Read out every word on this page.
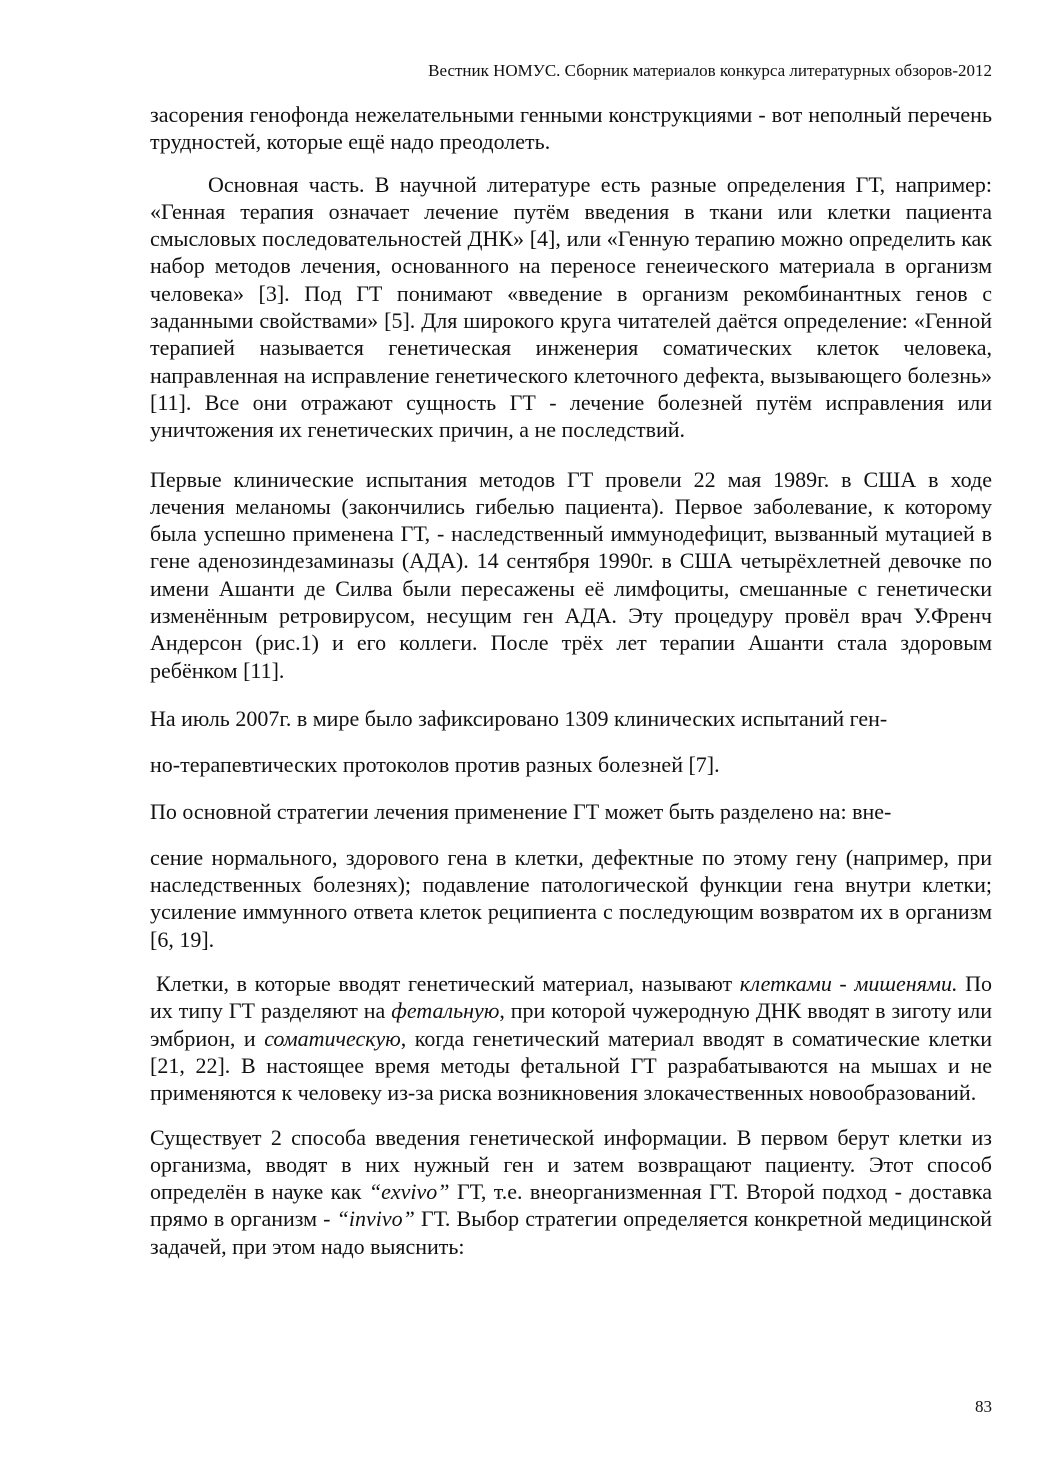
Вестник НОМУС. Сборник материалов конкурса литературных обзоров-2012

засорения генофонда нежелательными генными конструкциями - вот неполный перечень трудностей, которые ещё надо преодолеть.

Основная часть. В научной литературе есть разные определения ГТ, например: «Генная терапия означает лечение путём введения в ткани или клетки пациента смысловых последовательностей ДНК» [4], или «Генную терапию можно определить как набор методов лечения, основанного на переносе генеического материала в организм человека» [3]. Под ГТ понимают «введение в организм рекомбинантных генов с заданными свойствами» [5]. Для широкого круга читателей даётся определение: «Генной терапией называется генетическая инженерия соматических клеток человека, направленная на исправление генетического клеточного дефекта, вызывающего болезнь» [11]. Все они отражают сущность ГТ - лечение болезней путём исправления или уничтожения их генетических причин, а не последствий.

Первые клинические испытания методов ГТ провели 22 мая 1989г. в США в ходе лечения меланомы (закончились гибелью пациента). Первое заболевание, к которому была успешно применена ГТ, - наследственный иммунодефицит, вызванный мутацией в гене аденозиндезаминазы (АДА). 14 сентября 1990г. в США четырёхлетней девочке по имени Ашанти де Силва были пересажены её лимфоциты, смешанные с генетически изменённым ретровирусом, несущим ген АДА. Эту процедуру провёл врач У.Френч Андерсон (рис.1) и его коллеги. После трёх лет терапии Ашанти стала здоровым ребёнком [11].

На июль 2007г. в мире было зафиксировано 1309 клинических испытаний ген-

но-терапевтических протоколов против разных болезней [7].

По основной стратегии лечения применение ГТ может быть разделено на: вне-

сение нормального, здорового гена в клетки, дефектные по этому гену (например, при наследственных болезнях); подавление патологической функции гена внутри клетки; усиление иммунного ответа клеток реципиента с последующим возвратом их в организм [6, 19].

Клетки, в которые вводят генетический материал, называют клетками - мишенями. По их типу ГТ разделяют на фетальную, при которой чужеродную ДНК вводят в зиготу или эмбрион, и соматическую, когда генетический материал вводят в соматические клетки [21, 22]. В настоящее время методы фетальной ГТ разрабатываются на мышах и не применяются к человеку из-за риска возникновения злокачественных новообразований.

Существует 2 способа введения генетической информации. В первом берут клетки из организма, вводят в них нужный ген и затем возвращают пациенту. Этот способ определён в науке как “exvivo” ГТ, т.е. внеорганизменная ГТ. Второй подход - доставка прямо в организм - “invivo” ГТ. Выбор стратегии определяется конкретной медицинской задачей, при этом надо выяснить:

83
